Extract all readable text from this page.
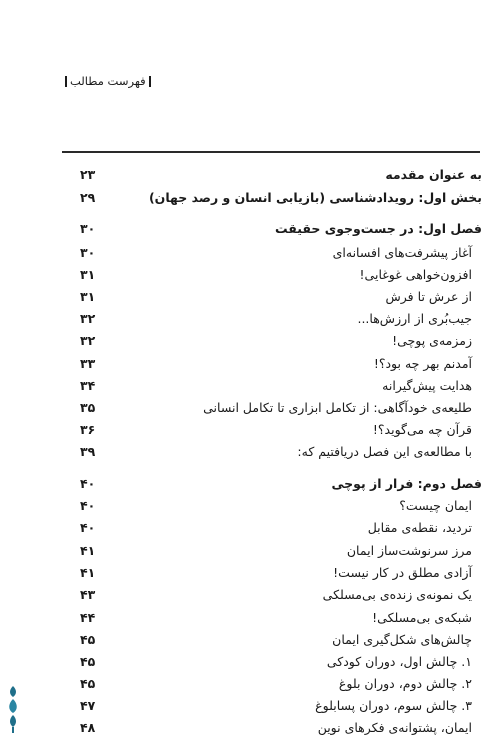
فهرست مطالب
به عنوان مقدمه
۲۳
بخش اول: رویدادشناسی (بازیابی انسان و رصد جهان)
۲۹
فصل اول: در جست‌وجوی حقیقت
۳۰
آغاز پیشرفت‌های افسانه‌ای
۳۰
افزون‌خواهی غوغایی!
۳۱
از عرش تا فرش
۳۱
جیب‌بُری از ارزش‌ها...
۳۲
زمزمه‌ی پوچی!
۳۲
آمدنم بهر چه بود؟!
۳۳
هدایت پیش‌گیرانه
۳۴
طلیعه‌ی خودآگاهی: از تکامل ابزاری تا تکامل انسانی
۳۵
قرآن چه می‌گوید؟!
۳۶
با مطالعه‌ی این فصل دریافتیم که:
۳۹
فصل دوم: فرار از پوچی
۴۰
ایمان چیست؟
۴۰
تردید، نقطه‌ی مقابل
۴۰
مرز سرنوشت‌ساز ایمان
۴۱
آزادی مطلق در کار نیست!
۴۱
یک نمونه‌ی زنده‌ی بی‌مسلکی
۴۳
شبکه‌ی بی‌مسلکی!
۴۴
چالش‌های شکل‌گیری ایمان
۴۵
۱. چالش اول، دوران کودکی
۴۵
۲. چالش دوم، دوران بلوغ
۴۵
۳. چالش سوم، دوران پسابلوغ
۴۷
ایمان، پشتوانه‌ی فکرهای نوین
۴۸
